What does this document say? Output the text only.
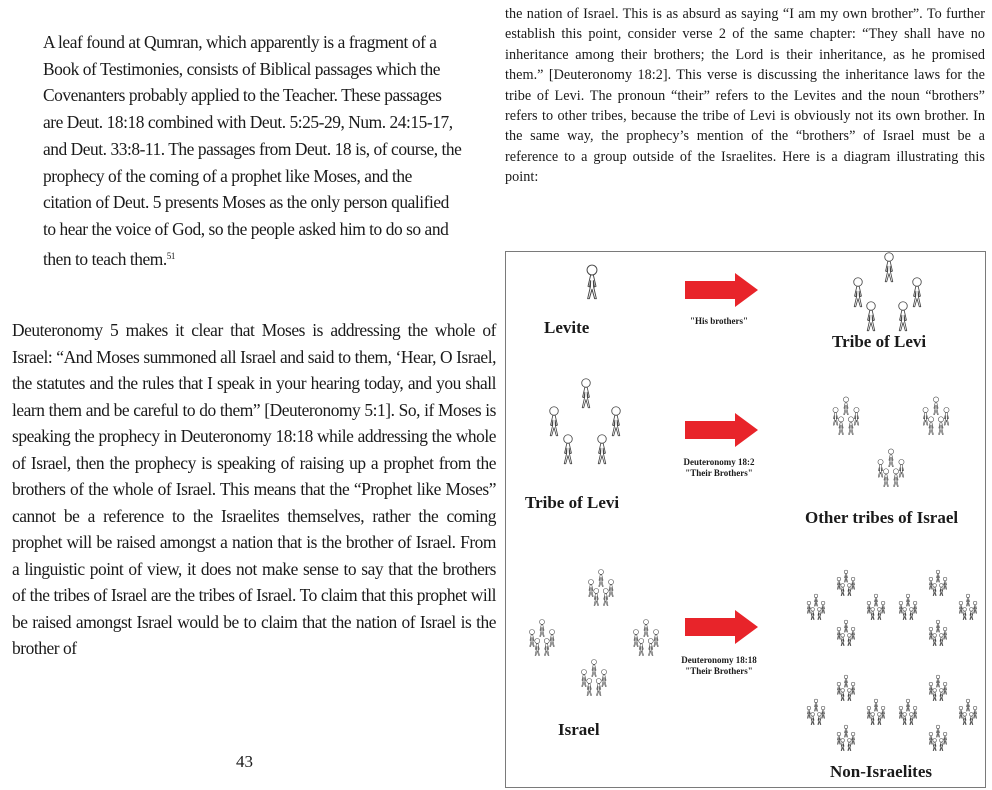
A leaf found at Qumran, which apparently is a fragment of a Book of Testimonies, consists of Biblical passages which the Covenanters probably applied to the Teacher. These passages are Deut. 18:18 combined with Deut. 5:25-29, Num. 24:15-17, and Deut. 33:8-11. The passages from Deut. 18 is, of course, the prophecy of the coming of a prophet like Moses, and the citation of Deut. 5 presents Moses as the only person qualified to hear the voice of God, so the people asked him to do so and then to teach them.$^{51}$

Deuteronomy 5 makes it clear that Moses is addressing the whole of Israel: “And Moses summoned all Israel and said to them, ‘Hear, O Israel, the statutes and the rules that I speak in your hearing today, and you shall learn them and be careful to do them” [Deuteronomy 5:1]. So, if Moses is speaking the prophecy in Deuteronomy 18:18 while addressing the whole of Israel, then the prophecy is speaking of raising up a prophet from the brothers of the whole of Israel. This means that the “Prophet like Moses” cannot be a reference to the Israelites themselves, rather the coming prophet will be raised amongst a nation that is the brother of Israel. From a linguistic point of view, it does not make sense to say that the brothers of the tribes of Israel are the tribes of Israel. To claim that this prophet will be raised amongst Israel would be to claim that the nation of Israel is the brother of

43
the nation of Israel. This is as absurd as saying “I am my own brother”. To further establish this point, consider verse 2 of the same chapter: “They shall have no inheritance among their brothers; the Lord is their inheritance, as he promised them.” [Deuteronomy 18:2]. This verse is discussing the inheritance laws for the tribe of Levi. The pronoun “their” refers to the Levites and the noun “brothers” refers to other tribes, because the tribe of Levi is obviously not its own brother. In the same way, the prophecy’s mention of the “brothers” of Israel must be a reference to a group outside of the Israelites. Here is a diagram illustrating this point:
Levite	"His brothers"
Tribe of Levi
Tribe of Levi
Deuteronomy 18:2
"Their Brothers"
Other tribes of Israel
Israel
Deuteronomy 18:18
"Their Brothers"
Non-Israelites
